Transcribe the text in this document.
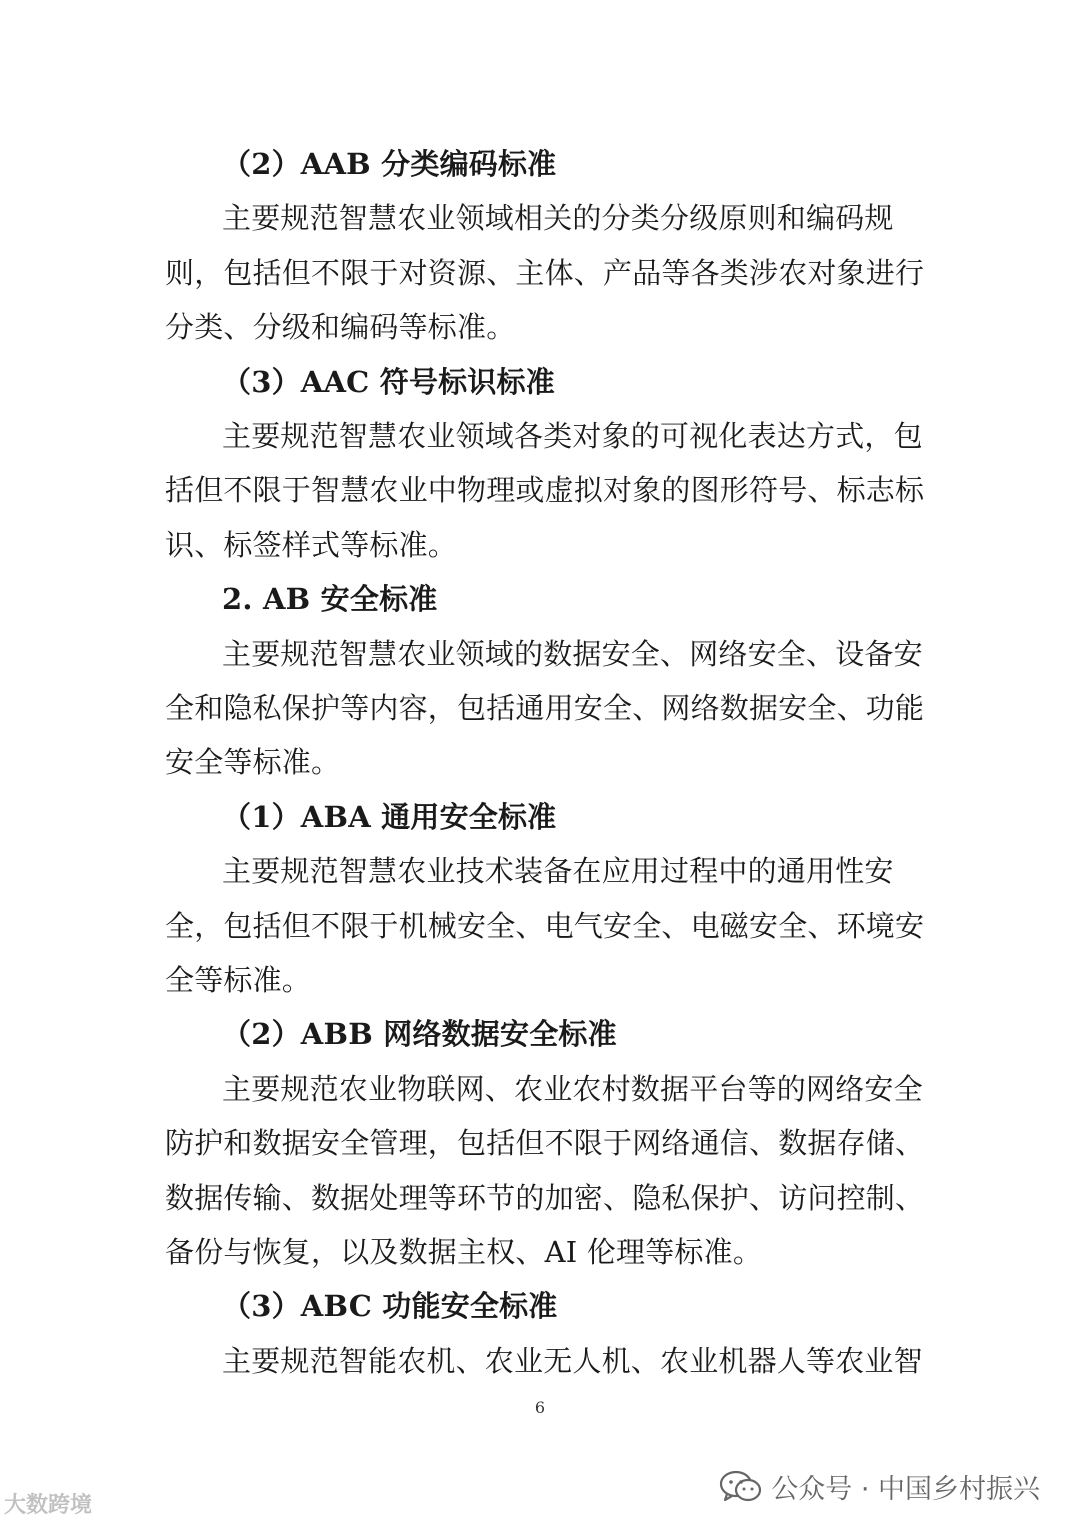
（2）AAB 分类编码标准
主要规范智慧农业领域相关的分类分级原则和编码规
则，包括但不限于对资源、主体、产品等各类涉农对象进行
分类、分级和编码等标准。
（3）AAC 符号标识标准
主要规范智慧农业领域各类对象的可视化表达方式，包
括但不限于智慧农业中物理或虚拟对象的图形符号、标志标
识、标签样式等标准。
2. AB 安全标准
主要规范智慧农业领域的数据安全、网络安全、设备安
全和隐私保护等内容，包括通用安全、网络数据安全、功能
安全等标准。
（1）ABA 通用安全标准
主要规范智慧农业技术装备在应用过程中的通用性安
全，包括但不限于机械安全、电气安全、电磁安全、环境安
全等标准。
（2）ABB 网络数据安全标准
主要规范农业物联网、农业农村数据平台等的网络安全
防护和数据安全管理，包括但不限于网络通信、数据存储、
数据传输、数据处理等环节的加密、隐私保护、访问控制、
备份与恢复，以及数据主权、AI 伦理等标准。
（3）ABC 功能安全标准
主要规范智能农机、农业无人机、农业机器人等农业智
6
大数跨境
公众号 · 中国乡村振兴
